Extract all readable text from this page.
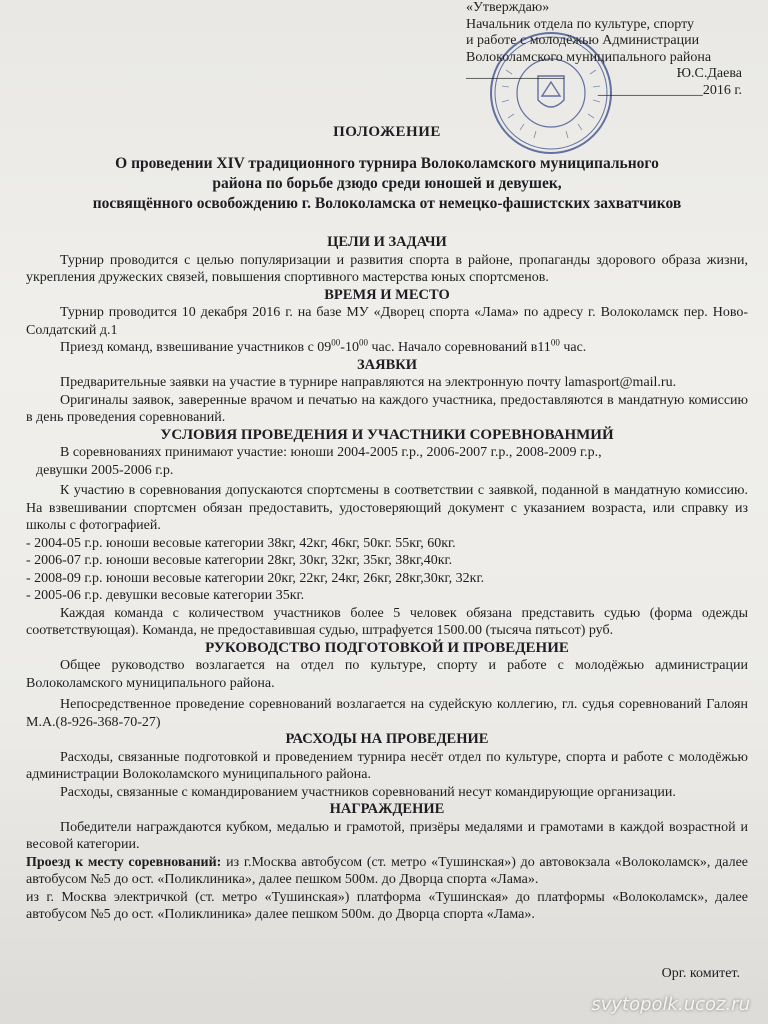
«Утверждаю»
Начальник отдела по культуре, спорту
и работе с молодёжью Администрации
Волоколамского муниципального района
______________	Ю.С.Даева
_______________2016 г.
ПОЛОЖЕНИЕ
О проведении XIV традиционного турнира Волоколамского муниципального
района по борьбе дзюдо среди юношей и девушек,
посвящённого освобождению г. Волоколамска от немецко-фашистских захватчиков

ЦЕЛИ И ЗАДАЧИ

Турнир проводится с целью популяризации и развития спорта в районе, пропаганды здорового образа жизни, укрепления дружеских связей, повышения спортивного мастерства юных спортсменов.

ВРЕМЯ И МЕСТО

Турнир проводится 10 декабря 2016 г. на базе МУ «Дворец спорта «Лама» по адресу г. Волоколамск пер. Ново-Солдатский д.1

Приезд команд, взвешивание участников с $09^{00}-10^{00}$ час. Начало соревнований $в11^{00}$ час.

ЗАЯВКИ

Предварительные заявки на участие в турнире направляются на электронную почту lamasport@mail.ru.

Оригиналы заявок, заверенные врачом и печатью на каждого участника, предоставляются в мандатную комиссию в день проведения соревнований.

УСЛОВИЯ ПРОВЕДЕНИЯ И УЧАСТНИКИ СОРЕВНОВАНМИЙ

В соревнованиях принимают участие: юноши 2004-2005 г.р., 2006-2007 г.р., 2008-2009 г.р.,

девушки 2005-2006 г.р.

К участию в соревнования допускаются спортсмены в соответствии с заявкой, поданной в мандатную комиссию. На взвешивании спортсмен обязан предоставить, удостоверяющий документ с указанием возраста, или справку из школы с фотографией.

- 2004-05 г.р. юноши весовые категории 38кг, 42кг, 46кг, 50кг. 55кг, 60кг.

- 2006-07 г.р. юноши весовые категории 28кг, 30кг, 32кг, 35кг, 38кг,40кг.

- 2008-09 г.р. юноши весовые категории 20кг, 22кг, 24кг, 26кг, 28кг,30кг, 32кг.

- 2005-06 г.р. девушки весовые категории 35кг.

Каждая команда с количеством участников более 5 человек обязана представить судью (форма одежды соответствующая). Команда, не предоставившая судью, штрафуется 1500.00 (тысяча пятьсот) руб.

РУКОВОДСТВО ПОДГОТОВКОЙ И ПРОВЕДЕНИЕ

Общее руководство возлагается на отдел по культуре, спорту и работе с молодёжью администрации Волоколамского муниципального района.

Непосредственное проведение соревнований возлагается на судейскую коллегию, гл. судья соревнований Галоян М.А.(8-926-368-70-27)

РАСХОДЫ НА ПРОВЕДЕНИЕ

Расходы, связанные подготовкой и проведением турнира несёт отдел по культуре, спорта и работе с молодёжью администрации Волоколамского муниципального района.

Расходы, связанные с командированием участников соревнований несут командирующие организации.

НАГРАЖДЕНИЕ

Победители награждаются кубком, медалью и грамотой, призёры медалями и грамотами в каждой возрастной и весовой категории.

Проезд к месту соревнований: из г.Москва автобусом (ст. метро «Тушинская») до автовокзала «Волоколамск», далее автобусом №5 до ост. «Поликлиника», далее пешком 500м. до Дворца спорта «Лама».

из г. Москва электричкой (ст. метро «Тушинская») платформа «Тушинская» до платформы «Волоколамск», далее автобусом №5 до ост. «Поликлиника» далее пешком 500м. до Дворца спорта «Лама».

Орг. комитет.
svytopolk.ucoz.ru
